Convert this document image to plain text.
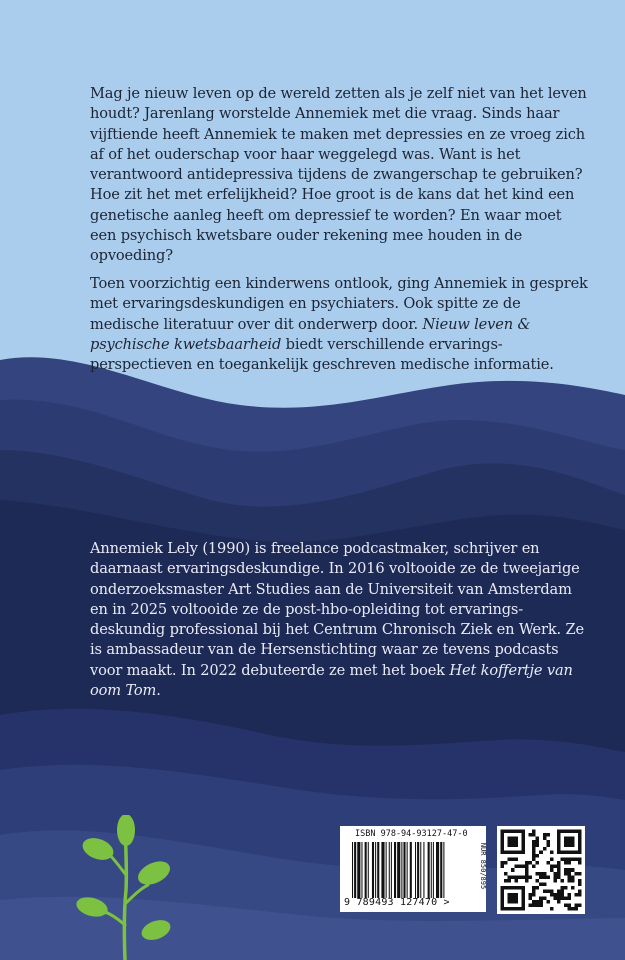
Mag je nieuw leven op de wereld zetten als je zelf niet van het leven houdt? Jarenlang worstelde Annemiek met die vraag. Sinds haar vijftiende heeft Annemiek te maken met depressies en ze vroeg zich af of het ouderschap voor haar weggelegd was. Want is het verantwoord antidepressiva tijdens de zwangerschap te gebruiken? Hoe zit het met erfelijkheid? Hoe groot is de kans dat het kind een genetische aanleg heeft om depressief te worden? En waar moet een psychisch kwetsbare ouder rekening mee houden in de opvoeding?

Toen voorzichtig een kinderwens ontlook, ging Annemiek in gesprek met ervaringsdeskundigen en psychiaters. Ook spitte ze de medische literatuur over dit onderwerp door. Nieuw leven & psychische kwetsbaarheid biedt verschillende ervarings-perspectieven en toegankelijk geschreven medische informatie.

Annemiek Lely (1990) is freelance podcastmaker, schrijver en daarnaast ervaringsdeskundige. In 2016 voltooide ze de tweejarige onderzoeksmaster Art Studies aan de Universiteit van Amsterdam en in 2025 voltooide ze de post-hbo-opleiding tot ervarings-deskundig professional bij het Centrum Chronisch Ziek en Werk. Ze is ambassadeur van de Hersenstichting waar ze tevens podcasts voor maakt. In 2022 debuteerde ze met het boek Het koffertje van oom Tom.

ISBN 978-94-93127-47-0
9 789493 127470 >
NUR 850/895
